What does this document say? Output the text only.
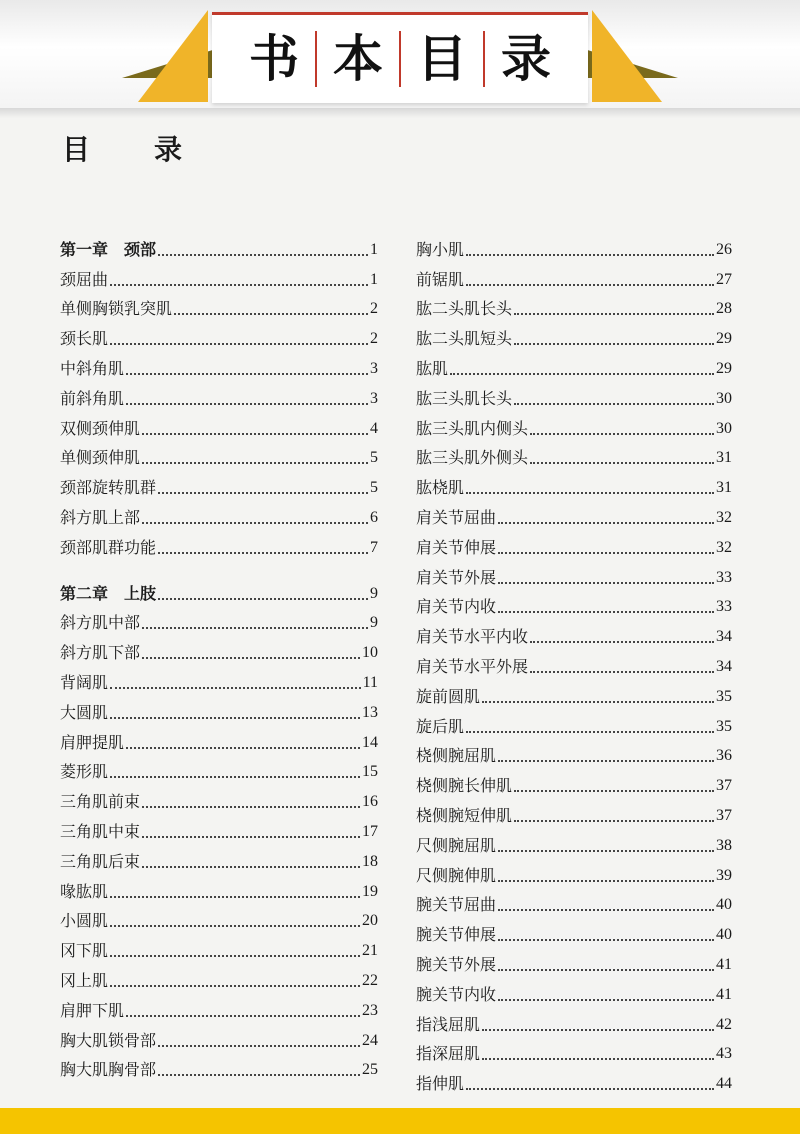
书 本 目 录
目　录
第一章　颈部	1
颈屈曲	1
单侧胸锁乳突肌	2
颈长肌	2
中斜角肌	3
前斜角肌	3
双侧颈伸肌	4
单侧颈伸肌	5
颈部旋转肌群	5
斜方肌上部	6
颈部肌群功能	7
第二章　上肢	9
斜方肌中部	9
斜方肌下部	10
背阔肌	11
大圆肌	13
肩胛提肌	14
菱形肌	15
三角肌前束	16
三角肌中束	17
三角肌后束	18
喙肱肌	19
小圆肌	20
冈下肌	21
冈上肌	22
肩胛下肌	23
胸大肌锁骨部	24
胸大肌胸骨部	25
胸小肌	26
前锯肌	27
肱二头肌长头	28
肱二头肌短头	29
肱肌	29
肱三头肌长头	30
肱三头肌内侧头	30
肱三头肌外侧头	31
肱桡肌	31
肩关节屈曲	32
肩关节伸展	32
肩关节外展	33
肩关节内收	33
肩关节水平内收	34
肩关节水平外展	34
旋前圆肌	35
旋后肌	35
桡侧腕屈肌	36
桡侧腕长伸肌	37
桡侧腕短伸肌	37
尺侧腕屈肌	38
尺侧腕伸肌	39
腕关节屈曲	40
腕关节伸展	40
腕关节外展	41
腕关节内收	41
指浅屈肌	42
指深屈肌	43
指伸肌	44
